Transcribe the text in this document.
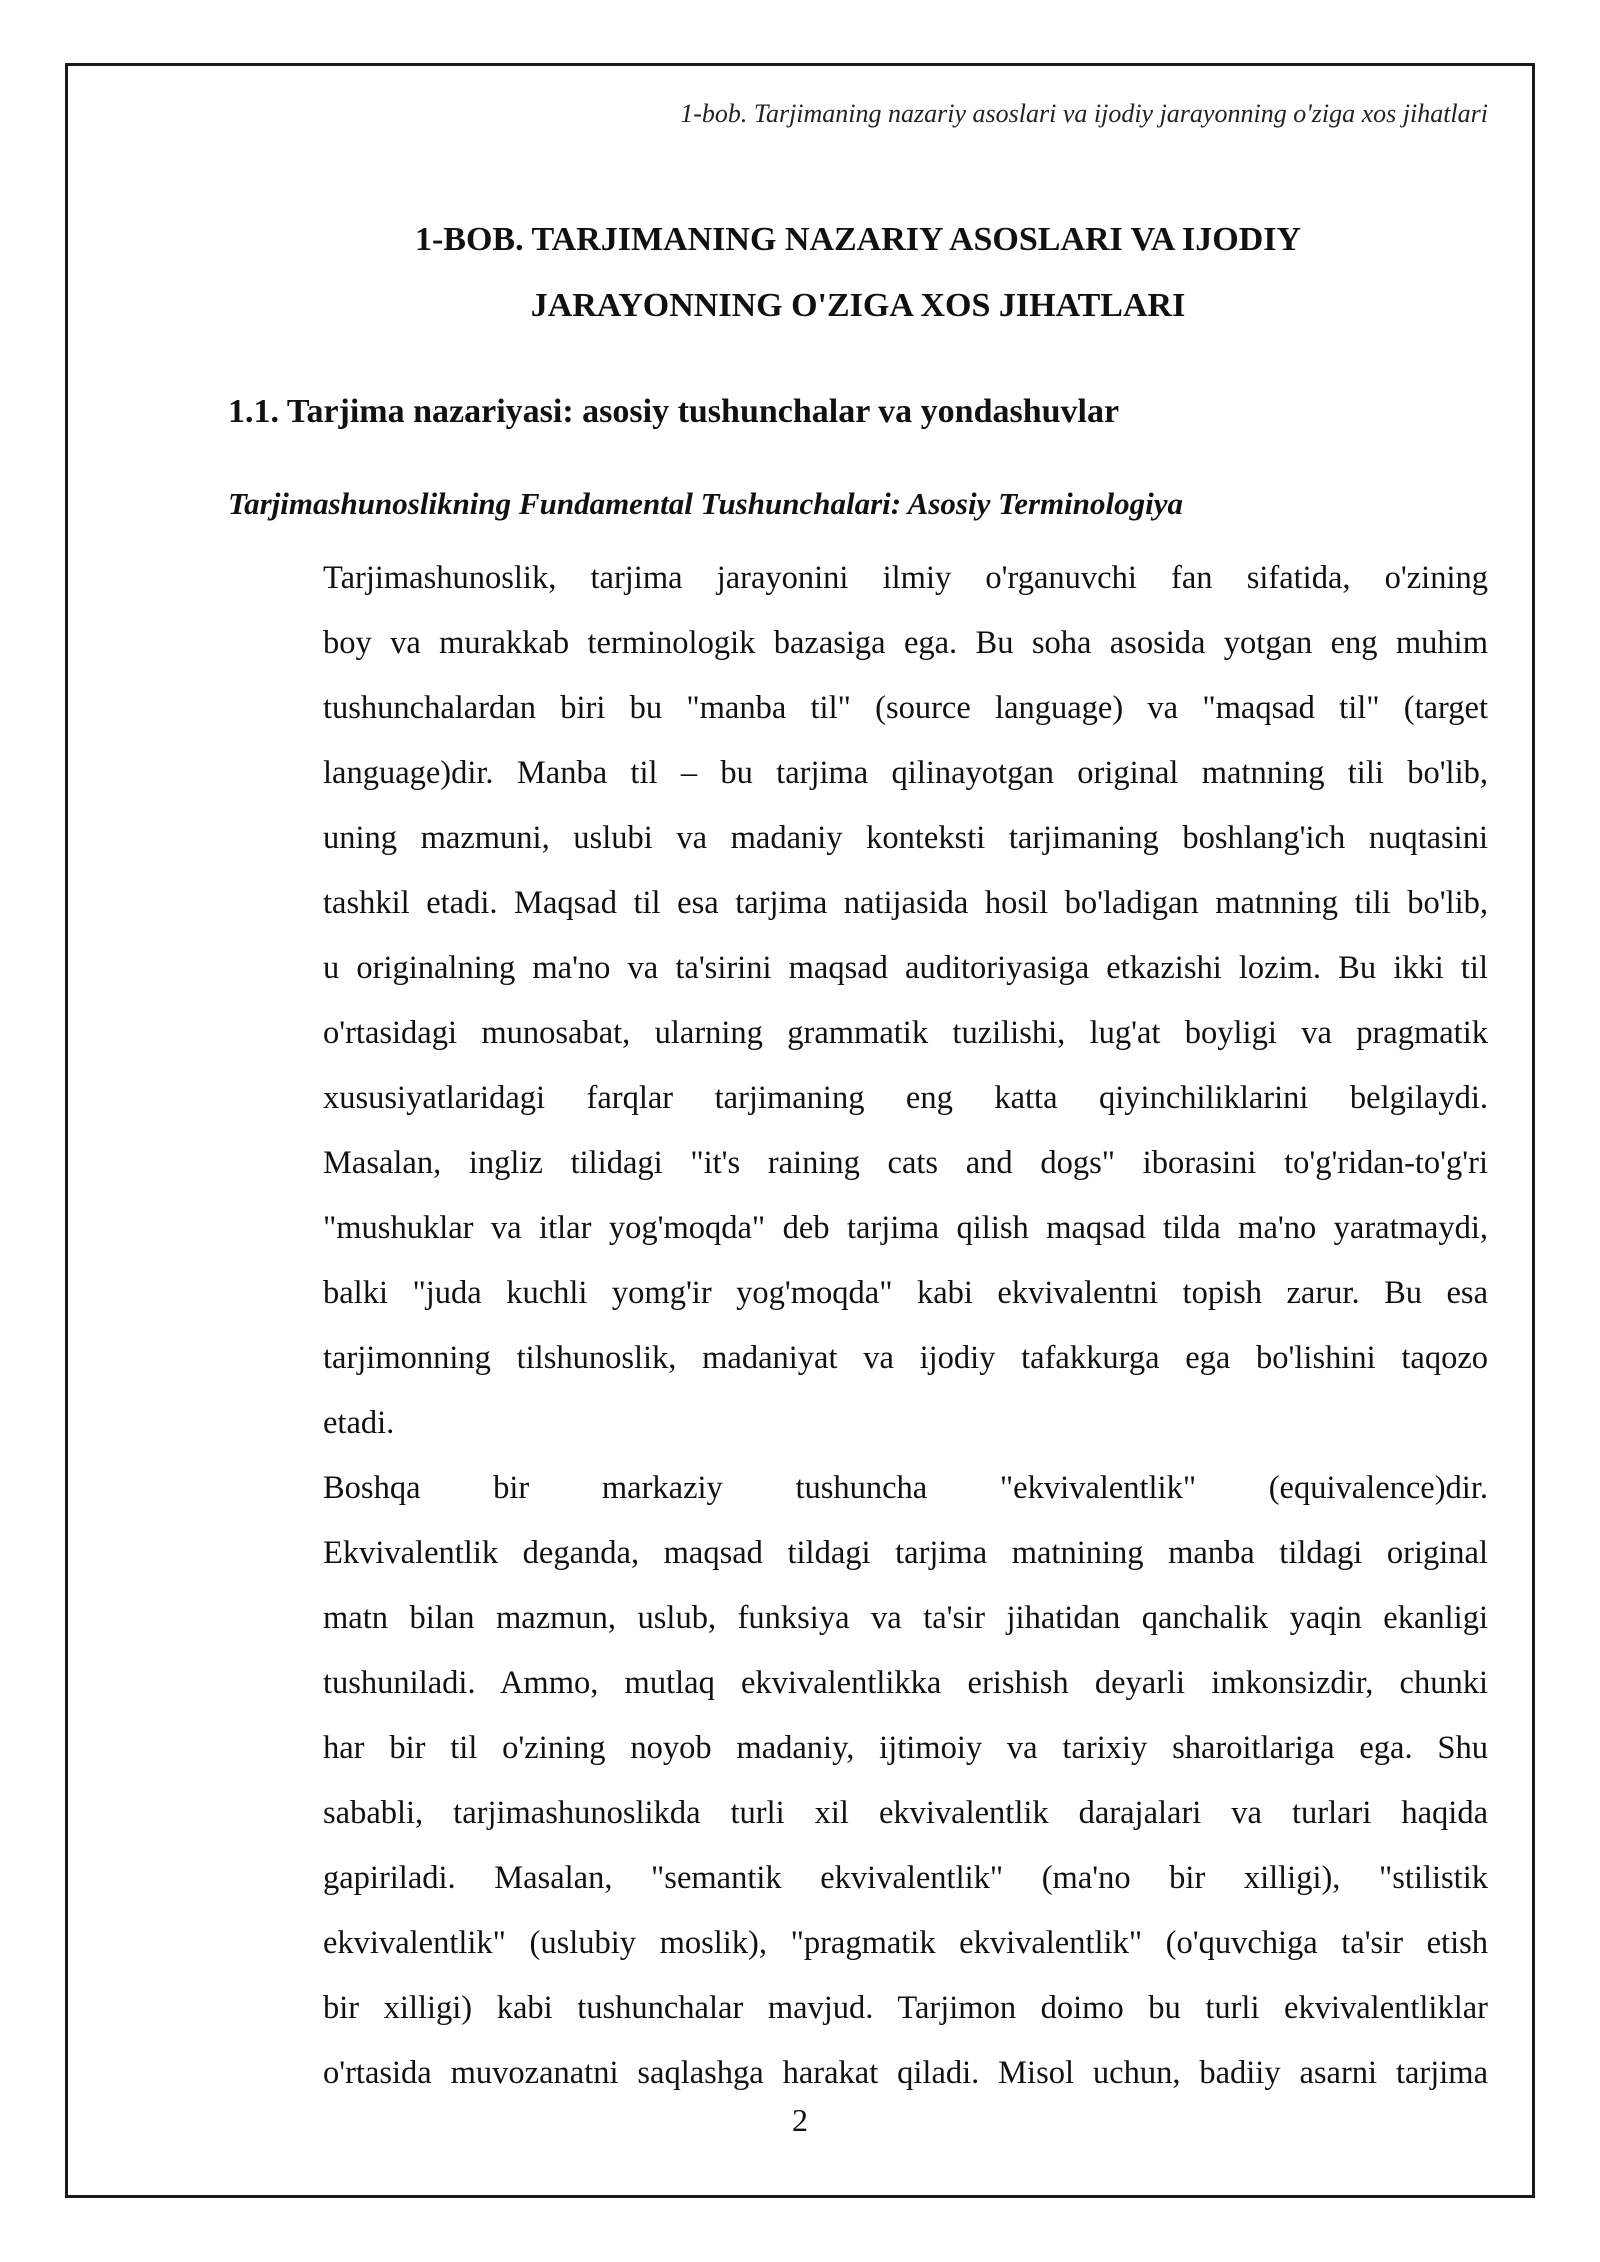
1-bob. Tarjimaning nazariy asoslari va ijodiy jarayonning o'ziga xos jihatlari
1-BOB. TARJIMANING NAZARIY ASOSLARI VA IJODIY
JARAYONNING O'ZIGA XOS JIHATLARI
1.1. Tarjima nazariyasi: asosiy tushunchalar va yondashuvlar
Tarjimashunoslikning Fundamental Tushunchalari: Asosiy Terminologiya
Tarjimashunoslik, tarjima jarayonini ilmiy o'rganuvchi fan sifatida, o'zining
boy va murakkab terminologik bazasiga ega. Bu soha asosida yotgan eng muhim
tushunchalardan biri bu "manba til" (source language) va "maqsad til" (target
language)dir. Manba til – bu tarjima qilinayotgan original matnning tili bo'lib,
uning mazmuni, uslubi va madaniy konteksti tarjimaning boshlang'ich nuqtasini
tashkil etadi. Maqsad til esa tarjima natijasida hosil bo'ladigan matnning tili bo'lib,
u originalning ma'no va ta'sirini maqsad auditoriyasiga etkazishi lozim. Bu ikki til
o'rtasidagi munosabat, ularning grammatik tuzilishi, lug'at boyligi va pragmatik
xususiyatlaridagi farqlar tarjimaning eng katta qiyinchiliklarini belgilaydi.
Masalan, ingliz tilidagi "it's raining cats and dogs" iborasini to'g'ridan-to'g'ri
"mushuklar va itlar yog'moqda" deb tarjima qilish maqsad tilda ma'no yaratmaydi,
balki "juda kuchli yomg'ir yog'moqda" kabi ekvivalentni topish zarur. Bu esa
tarjimonning tilshunoslik, madaniyat va ijodiy tafakkurga ega bo'lishini taqozo
etadi.
Boshqa bir markaziy tushuncha "ekvivalentlik" (equivalence)dir.
Ekvivalentlik deganda, maqsad tildagi tarjima matnining manba tildagi original
matn bilan mazmun, uslub, funksiya va ta'sir jihatidan qanchalik yaqin ekanligi
tushuniladi. Ammo, mutlaq ekvivalentlikka erishish deyarli imkonsizdir, chunki
har bir til o'zining noyob madaniy, ijtimoiy va tarixiy sharoitlariga ega. Shu
sababli, tarjimashunoslikda turli xil ekvivalentlik darajalari va turlari haqida
gapiriladi. Masalan, "semantik ekvivalentlik" (ma'no bir xilligi), "stilistik
ekvivalentlik" (uslubiy moslik), "pragmatik ekvivalentlik" (o'quvchiga ta'sir etish
bir xilligi) kabi tushunchalar mavjud. Tarjimon doimo bu turli ekvivalentliklar
o'rtasida muvozanatni saqlashga harakat qiladi. Misol uchun, badiiy asarni tarjima
2
